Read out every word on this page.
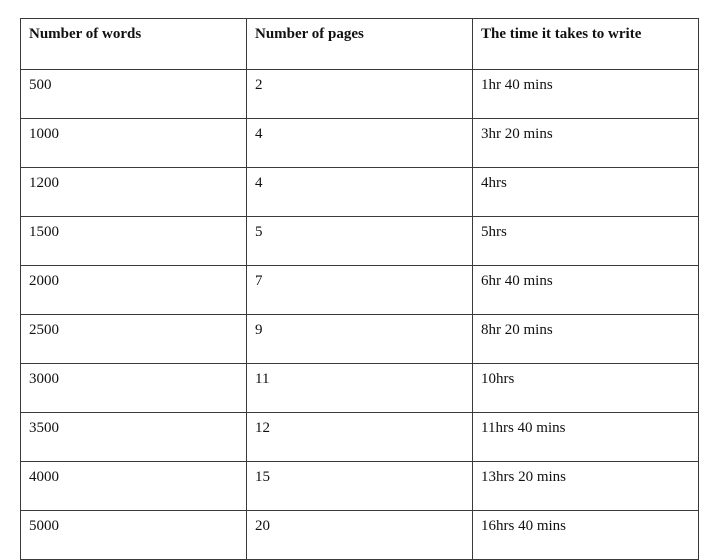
Number of words	Number of pages	The time it takes to write
500	2	1hr 40 mins
1000	4	3hr 20 mins
1200	4	4hrs
1500	5	5hrs
2000	7	6hr 40 mins
2500	9	8hr 20 mins
3000	11	10hrs
3500	12	11hrs 40 mins
4000	15	13hrs 20 mins
5000	20	16hrs 40 mins
